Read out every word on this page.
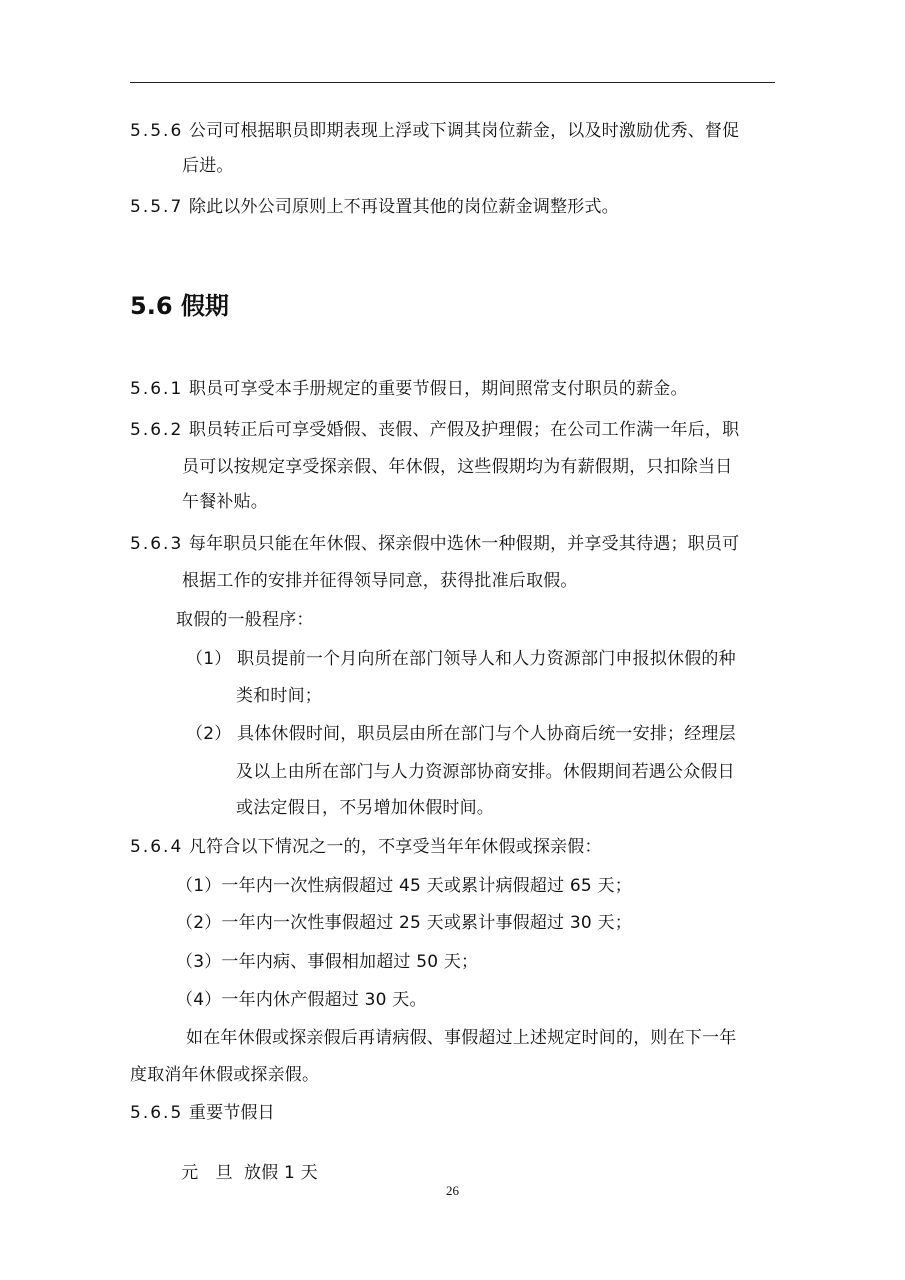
5.5.6 公司可根据职员即期表现上浮或下调其岗位薪金，以及时激励优秀、督促
后进。
5.5.7 除此以外公司原则上不再设置其他的岗位薪金调整形式。
5.6 假期
5.6.1 职员可享受本手册规定的重要节假日，期间照常支付职员的薪金。
5.6.2 职员转正后可享受婚假、丧假、产假及护理假；在公司工作满一年后，职
员可以按规定享受探亲假、年休假，这些假期均为有薪假期，只扣除当日
午餐补贴。
5.6.3 每年职员只能在年休假、探亲假中选休一种假期，并享受其待遇；职员可
根据工作的安排并征得领导同意，获得批准后取假。
取假的一般程序：
（1） 职员提前一个月向所在部门领导人和人力资源部门申报拟休假的种
类和时间；
（2） 具体休假时间，职员层由所在部门与个人协商后统一安排；经理层
及以上由所在部门与人力资源部协商安排。休假期间若遇公众假日
或法定假日，不另增加休假时间。
5.6.4 凡符合以下情况之一的，不享受当年年休假或探亲假：
（1）一年内一次性病假超过 45 天或累计病假超过 65 天；
（2）一年内一次性事假超过 25 天或累计事假超过 30 天；
（3）一年内病、事假相加超过 50 天；
（4）一年内休产假超过 30 天。
如在年休假或探亲假后再请病假、事假超过上述规定时间的，则在下一年
度取消年休假或探亲假。
5.6.5 重要节假日

元　旦  放假 1 天

26
